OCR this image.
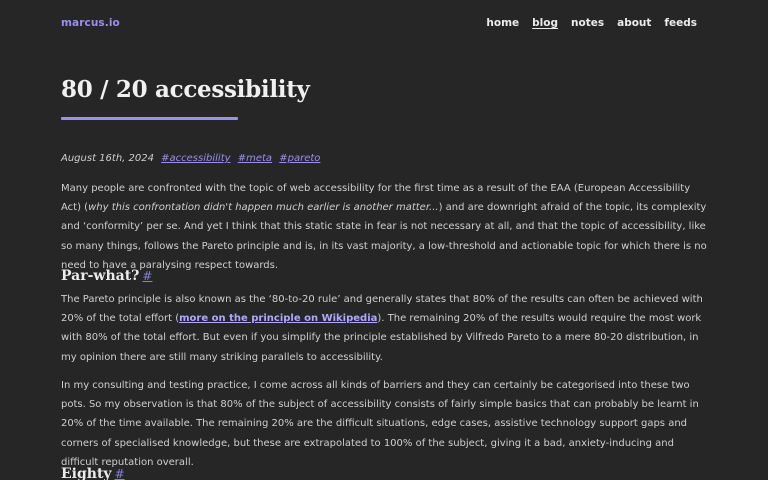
marcus.io	home blog notes about feeds
80 / 20 accessibility
August 16th, 2024 #accessibility #meta #pareto

Many people are confronted with the topic of web accessibility for the first time as a result of the EAA (European Accessibility Act) (why this confrontation didn't happen much earlier is another matter...) and are downright afraid of the topic, its complexity and ‘conformity’ per se. And yet I think that this static state in fear is not necessary at all, and that the topic of accessibility, like so many things, follows the Pareto principle and is, in its vast majority, a low-threshold and actionable topic for which there is no need to have a paralysing respect towards.

Par-what? #

The Pareto principle is also known as the ‘80-to-20 rule’ and generally states that 80% of the results can often be achieved with 20% of the total effort (more on the principle on Wikipedia). The remaining 20% of the results would require the most work with 80% of the total effort. But even if you simplify the principle established by Vilfredo Pareto to a mere 80-20 distribution, in my opinion there are still many striking parallels to accessibility.

In my consulting and testing practice, I come across all kinds of barriers and they can certainly be categorised into these two pots. So my observation is that 80% of the subject of accessibility consists of fairly simple basics that can probably be learnt in 20% of the time available. The remaining 20% are the difficult situations, edge cases, assistive technology support gaps and corners of specialised knowledge, but these are extrapolated to 100% of the subject, giving it a bad, anxiety-inducing and difficult reputation overall.

Eighty #
